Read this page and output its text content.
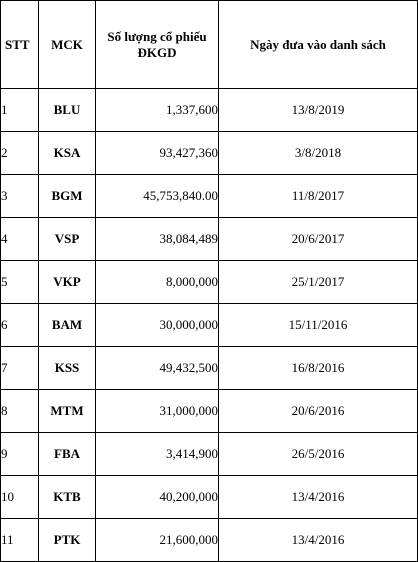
STT	MCK	Số lượng cổ phiếu ĐKGD	Ngày đưa vào danh sách
1	BLU	1,337,600	13/8/2019
2	KSA	93,427,360	3/8/2018
3	BGM	45,753,840.00	11/8/2017
4	VSP	38,084,489	20/6/2017
5	VKP	8,000,000	25/1/2017
6	BAM	30,000,000	15/11/2016
7	KSS	49,432,500	16/8/2016
8	MTM	31,000,000	20/6/2016
9	FBA	3,414,900	26/5/2016
10	KTB	40,200,000	13/4/2016
11	PTK	21,600,000	13/4/2016
